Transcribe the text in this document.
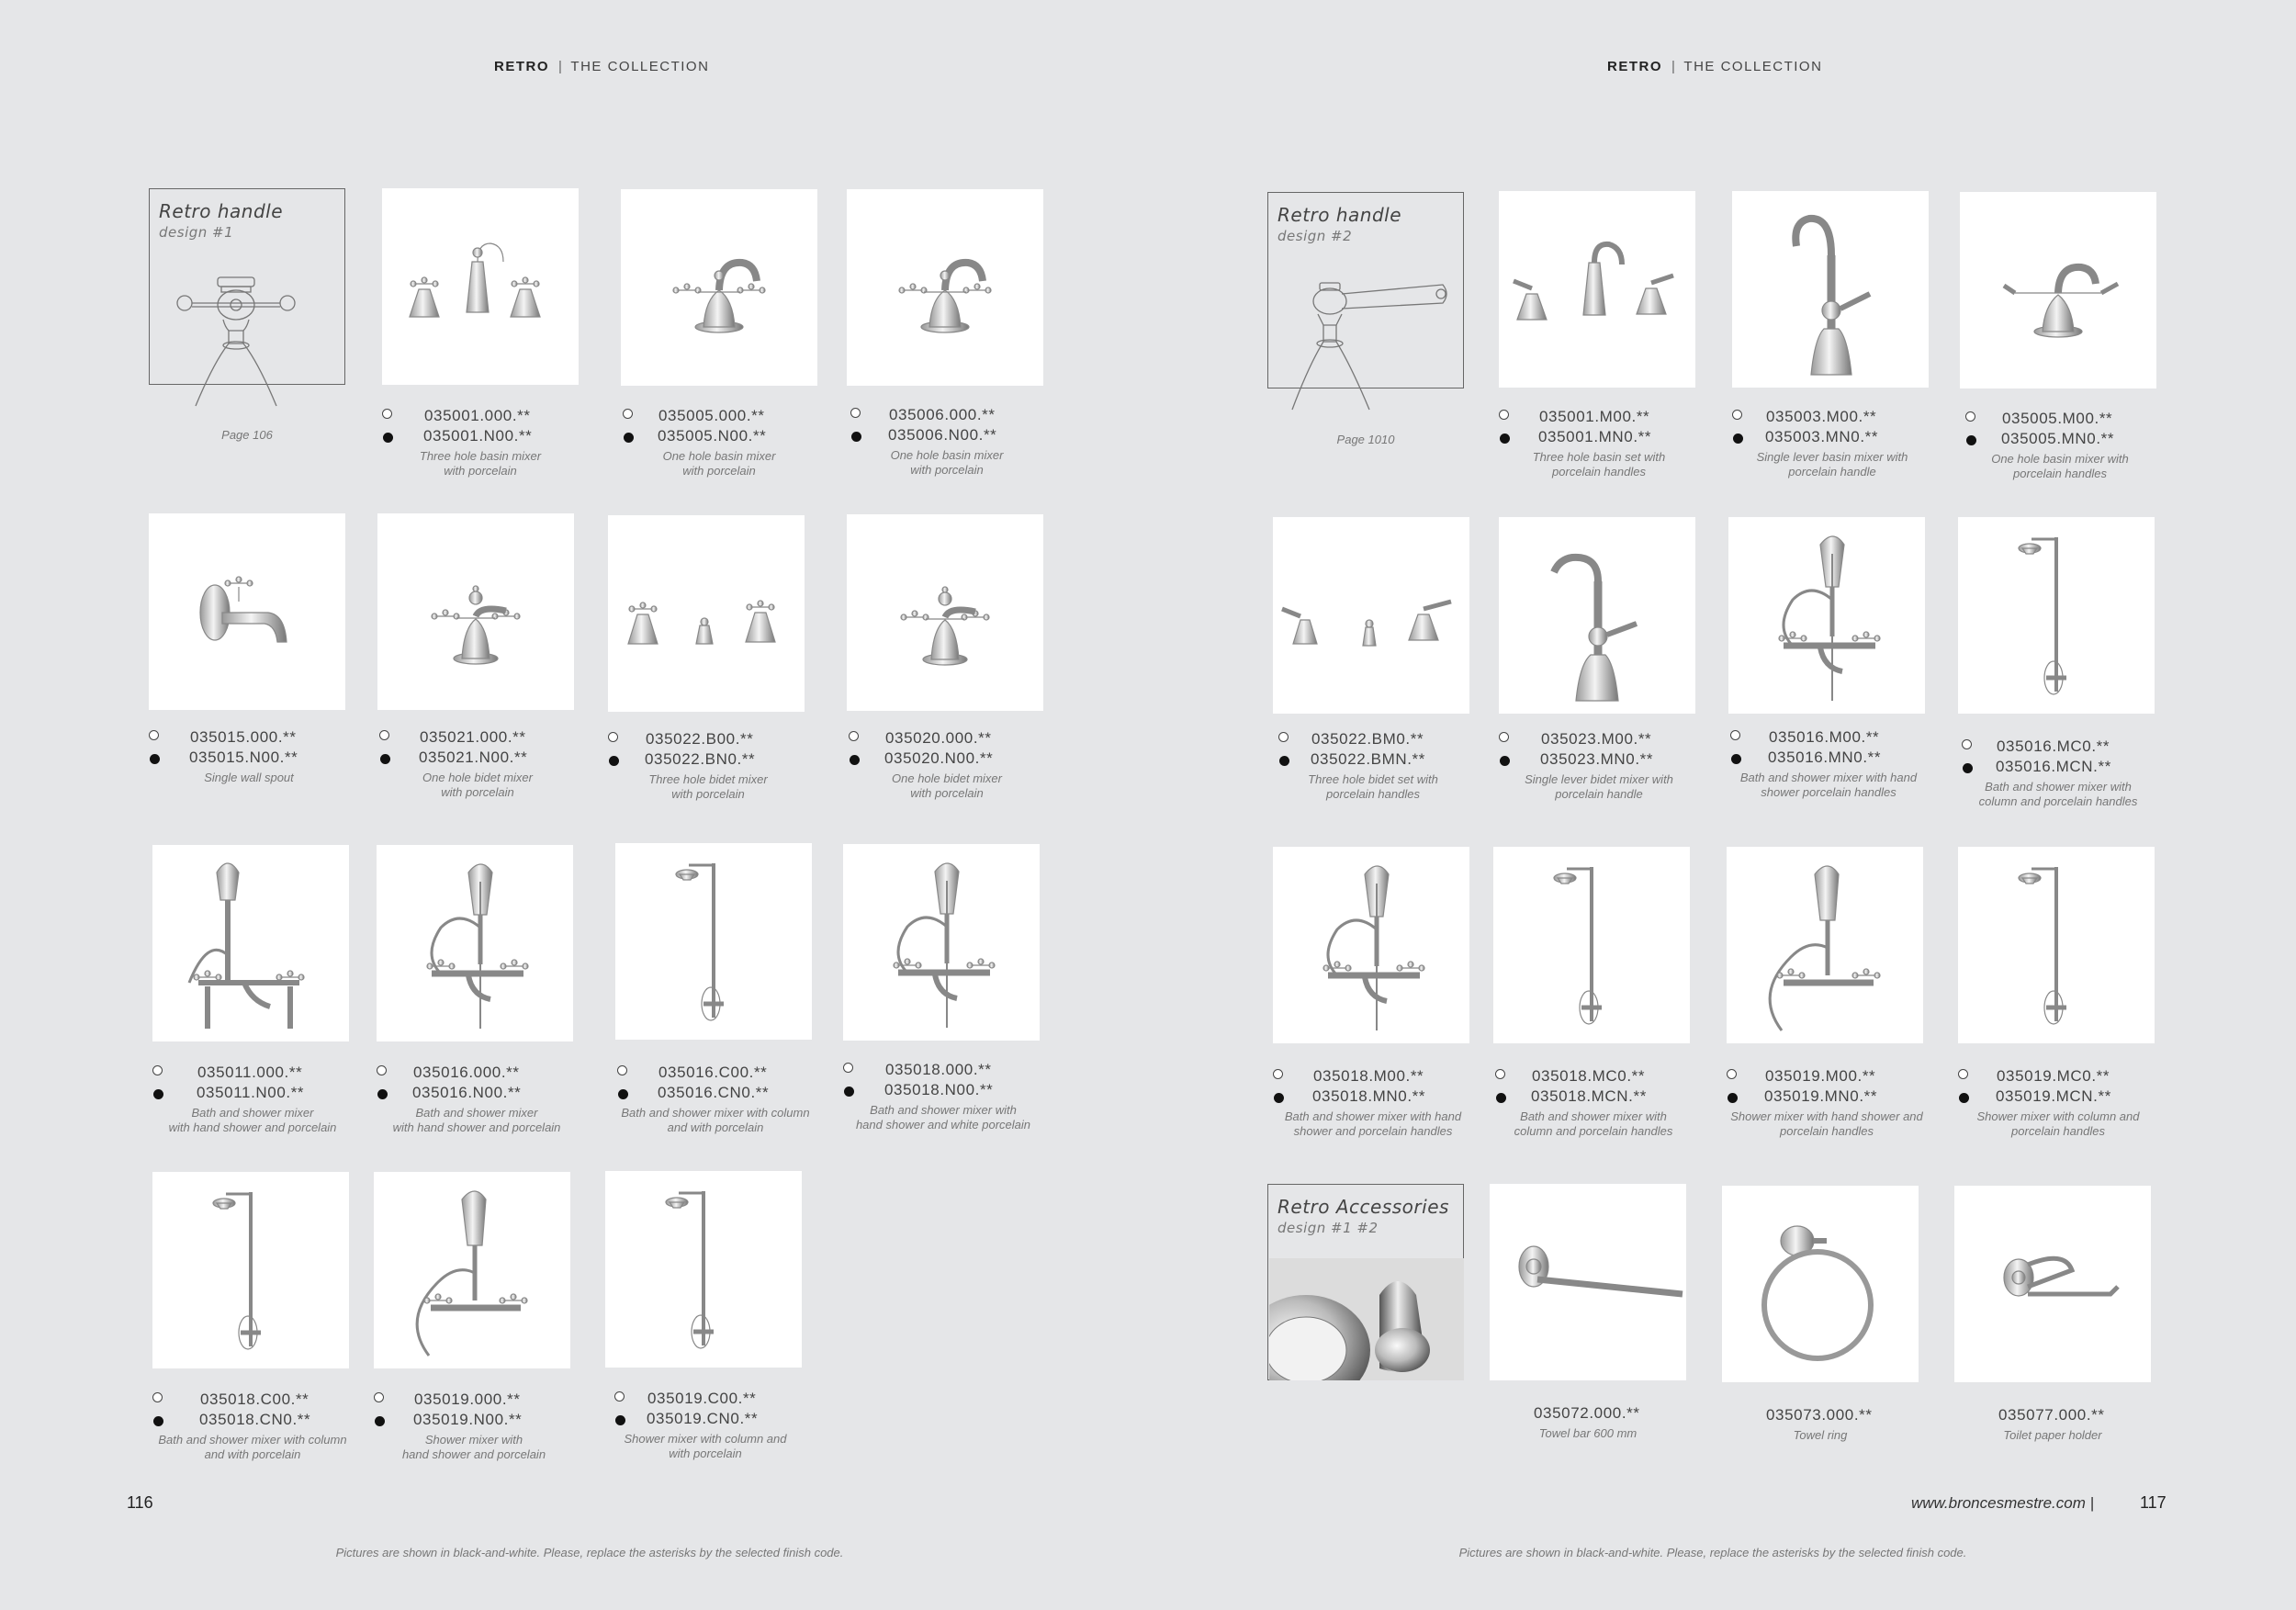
RETRO | THE COLLECTION
Retro handle
design #1
Page 106
035001.000.**
035001.N00.**
Three hole basin mixer
with porcelain
035005.000.**
035005.N00.**
One hole basin mixer
with porcelain
035006.000.**
035006.N00.**
One hole basin mixer
with porcelain
035015.000.**
035015.N00.**
Single wall spout
035021.000.**
035021.N00.**
One hole bidet mixer
with porcelain
035022.B00.**
035022.BN0.**
Three hole bidet mixer
with porcelain
035020.000.**
035020.N00.**
One hole bidet mixer
with porcelain
035011.000.**
035011.N00.**
Bath and shower mixer
with hand shower and porcelain
035016.000.**
035016.N00.**
Bath and shower mixer
with hand shower and porcelain
035016.C00.**
035016.CN0.**
Bath and shower mixer with column
and with porcelain
035018.000.**
035018.N00.**
Bath and shower mixer with
hand shower and white porcelain
035018.C00.**
035018.CN0.**
Bath and shower mixer with column
and with porcelain
035019.000.**
035019.N00.**
Shower mixer with
hand shower and porcelain
035019.C00.**
035019.CN0.**
Shower mixer with column and
with porcelain
116
Pictures are shown in black-and-white. Please, replace the asterisks by the selected finish code.
RETRO | THE COLLECTION
Retro handle
design #2
Page 1010
035001.M00.**
035001.MN0.**
Three hole basin set with
porcelain handles
035003.M00.**
035003.MN0.**
Single lever basin mixer with
porcelain handle
035005.M00.**
035005.MN0.**
One hole basin mixer with
porcelain handles
035022.BM0.**
035022.BMN.**
Three hole bidet set with
porcelain handles
035023.M00.**
035023.MN0.**
Single lever bidet mixer with
porcelain handle
035016.M00.**
035016.MN0.**
Bath and shower mixer with hand
shower porcelain handles
035016.MC0.**
035016.MCN.**
Bath and shower mixer with
column and porcelain handles
035018.M00.**
035018.MN0.**
Bath and shower mixer with hand
shower and porcelain handles
035018.MC0.**
035018.MCN.**
Bath and shower mixer with
column and porcelain handles
035019.M00.**
035019.MN0.**
Shower mixer with hand shower and
porcelain handles
035019.MC0.**
035019.MCN.**
Shower mixer with column and
porcelain handles
Retro Accessories
design #1 #2
035072.000.**
Towel bar 600 mm
035073.000.**
Towel ring
035077.000.**
Toilet paper holder
www.broncesmestre.com |	117
Pictures are shown in black-and-white. Please, replace the asterisks by the selected finish code.
